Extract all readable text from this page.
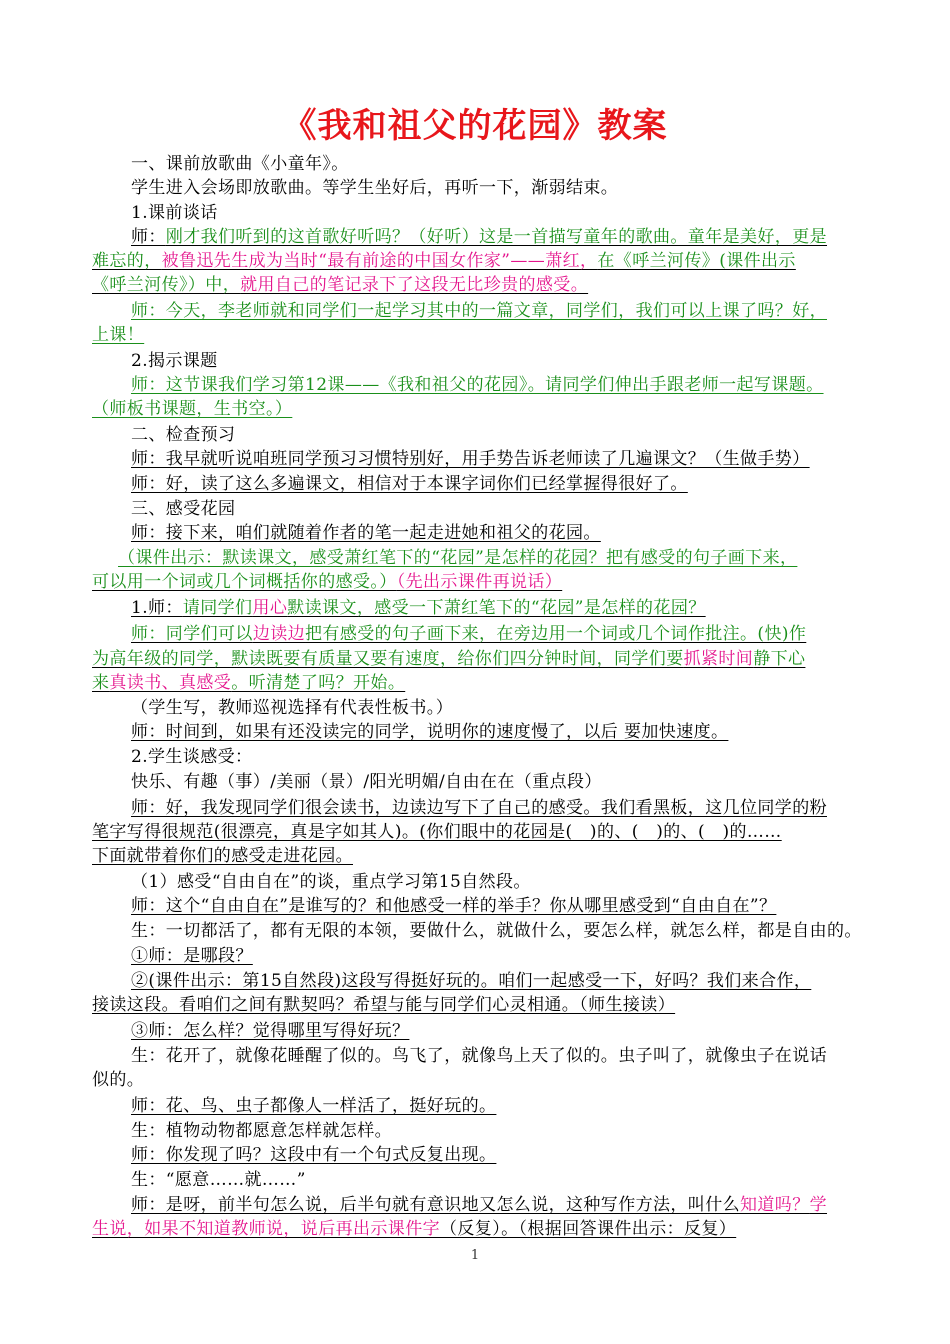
《我和祖父的花园》教案
一、课前放歌曲《小童年》。
学生进入会场即放歌曲。等学生坐好后，再听一下，渐弱结束。
1.课前谈话
师：刚才我们听到的这首歌好听吗？（好听）这是一首描写童年的歌曲。童年是美好，更是
难忘的，被鲁迅先生成为当时“最有前途的中国女作家”——萧红，在《呼兰河传》(课件出示
《呼兰河传》）中，就用自己的笔记录下了这段无比珍贵的感受。
师：今天，李老师就和同学们一起学习其中的一篇文章，同学们，我们可以上课了吗？好，
上课！
2.揭示课题
师：这节课我们学习第12课——《我和祖父的花园》。请同学们伸出手跟老师一起写课题。
（师板书课题，生书空。）
二、检查预习
师：我早就听说咱班同学预习习惯特别好，用手势告诉老师读了几遍课文？（生做手势）
师：好，读了这么多遍课文，相信对于本课字词你们已经掌握得很好了。
三、感受花园
师：接下来，咱们就随着作者的笔一起走进她和祖父的花园。
（课件出示：默读课文，感受萧红笔下的“花园”是怎样的花园？把有感受的句子画下来，
可以用一个词或几个词概括你的感受。）（先出示课件再说话）
1.师：请同学们用心默读课文，感受一下萧红笔下的“花园”是怎样的花园？
师：同学们可以边读边把有感受的句子画下来，在旁边用一个词或几个词作批注。(快)作
为高年级的同学，默读既要有质量又要有速度，给你们四分钟时间，同学们要抓紧时间静下心
来真读书、真感受。听清楚了吗？开始。
（学生写，教师巡视选择有代表性板书。）
师：时间到，如果有还没读完的同学，说明你的速度慢了，以后 要加快速度。
2.学生谈感受：
快乐、有趣（事）/美丽（景）/阳光明媚/自由在在（重点段）
师：好，我发现同学们很会读书，边读边写下了自己的感受。我们看黑板，这几位同学的粉
笔字写得很规范(很漂亮，真是字如其人)。(你们眼中的花园是(　)的、(　)的、(　)的……
下面就带着你们的感受走进花园。
（1）感受“自由自在”的谈，重点学习第15自然段。
师：这个“自由自在”是谁写的？和他感受一样的举手？你从哪里感受到“自由自在”？
生：一切都活了，都有无限的本领，要做什么，就做什么，要怎么样，就怎么样，都是自由的。
①师：是哪段？
②(课件出示：第15自然段)这段写得挺好玩的。咱们一起感受一下，好吗？我们来合作，
接读这段。看咱们之间有默契吗？希望与能与同学们心灵相通。（师生接读）
③师：怎么样？觉得哪里写得好玩？
生：花开了，就像花睡醒了似的。鸟飞了，就像鸟上天了似的。虫子叫了，就像虫子在说话
似的。
师：花、鸟、虫子都像人一样活了，挺好玩的。
生：植物动物都愿意怎样就怎样。
师：你发现了吗？这段中有一个句式反复出现。
生：“愿意……就……”
师：是呀，前半句怎么说，后半句就有意识地又怎么说，这种写作方法，叫什么知道吗？学
生说，如果不知道教师说，说后再出示课件字（反复）。（根据回答课件出示：反复）
1
